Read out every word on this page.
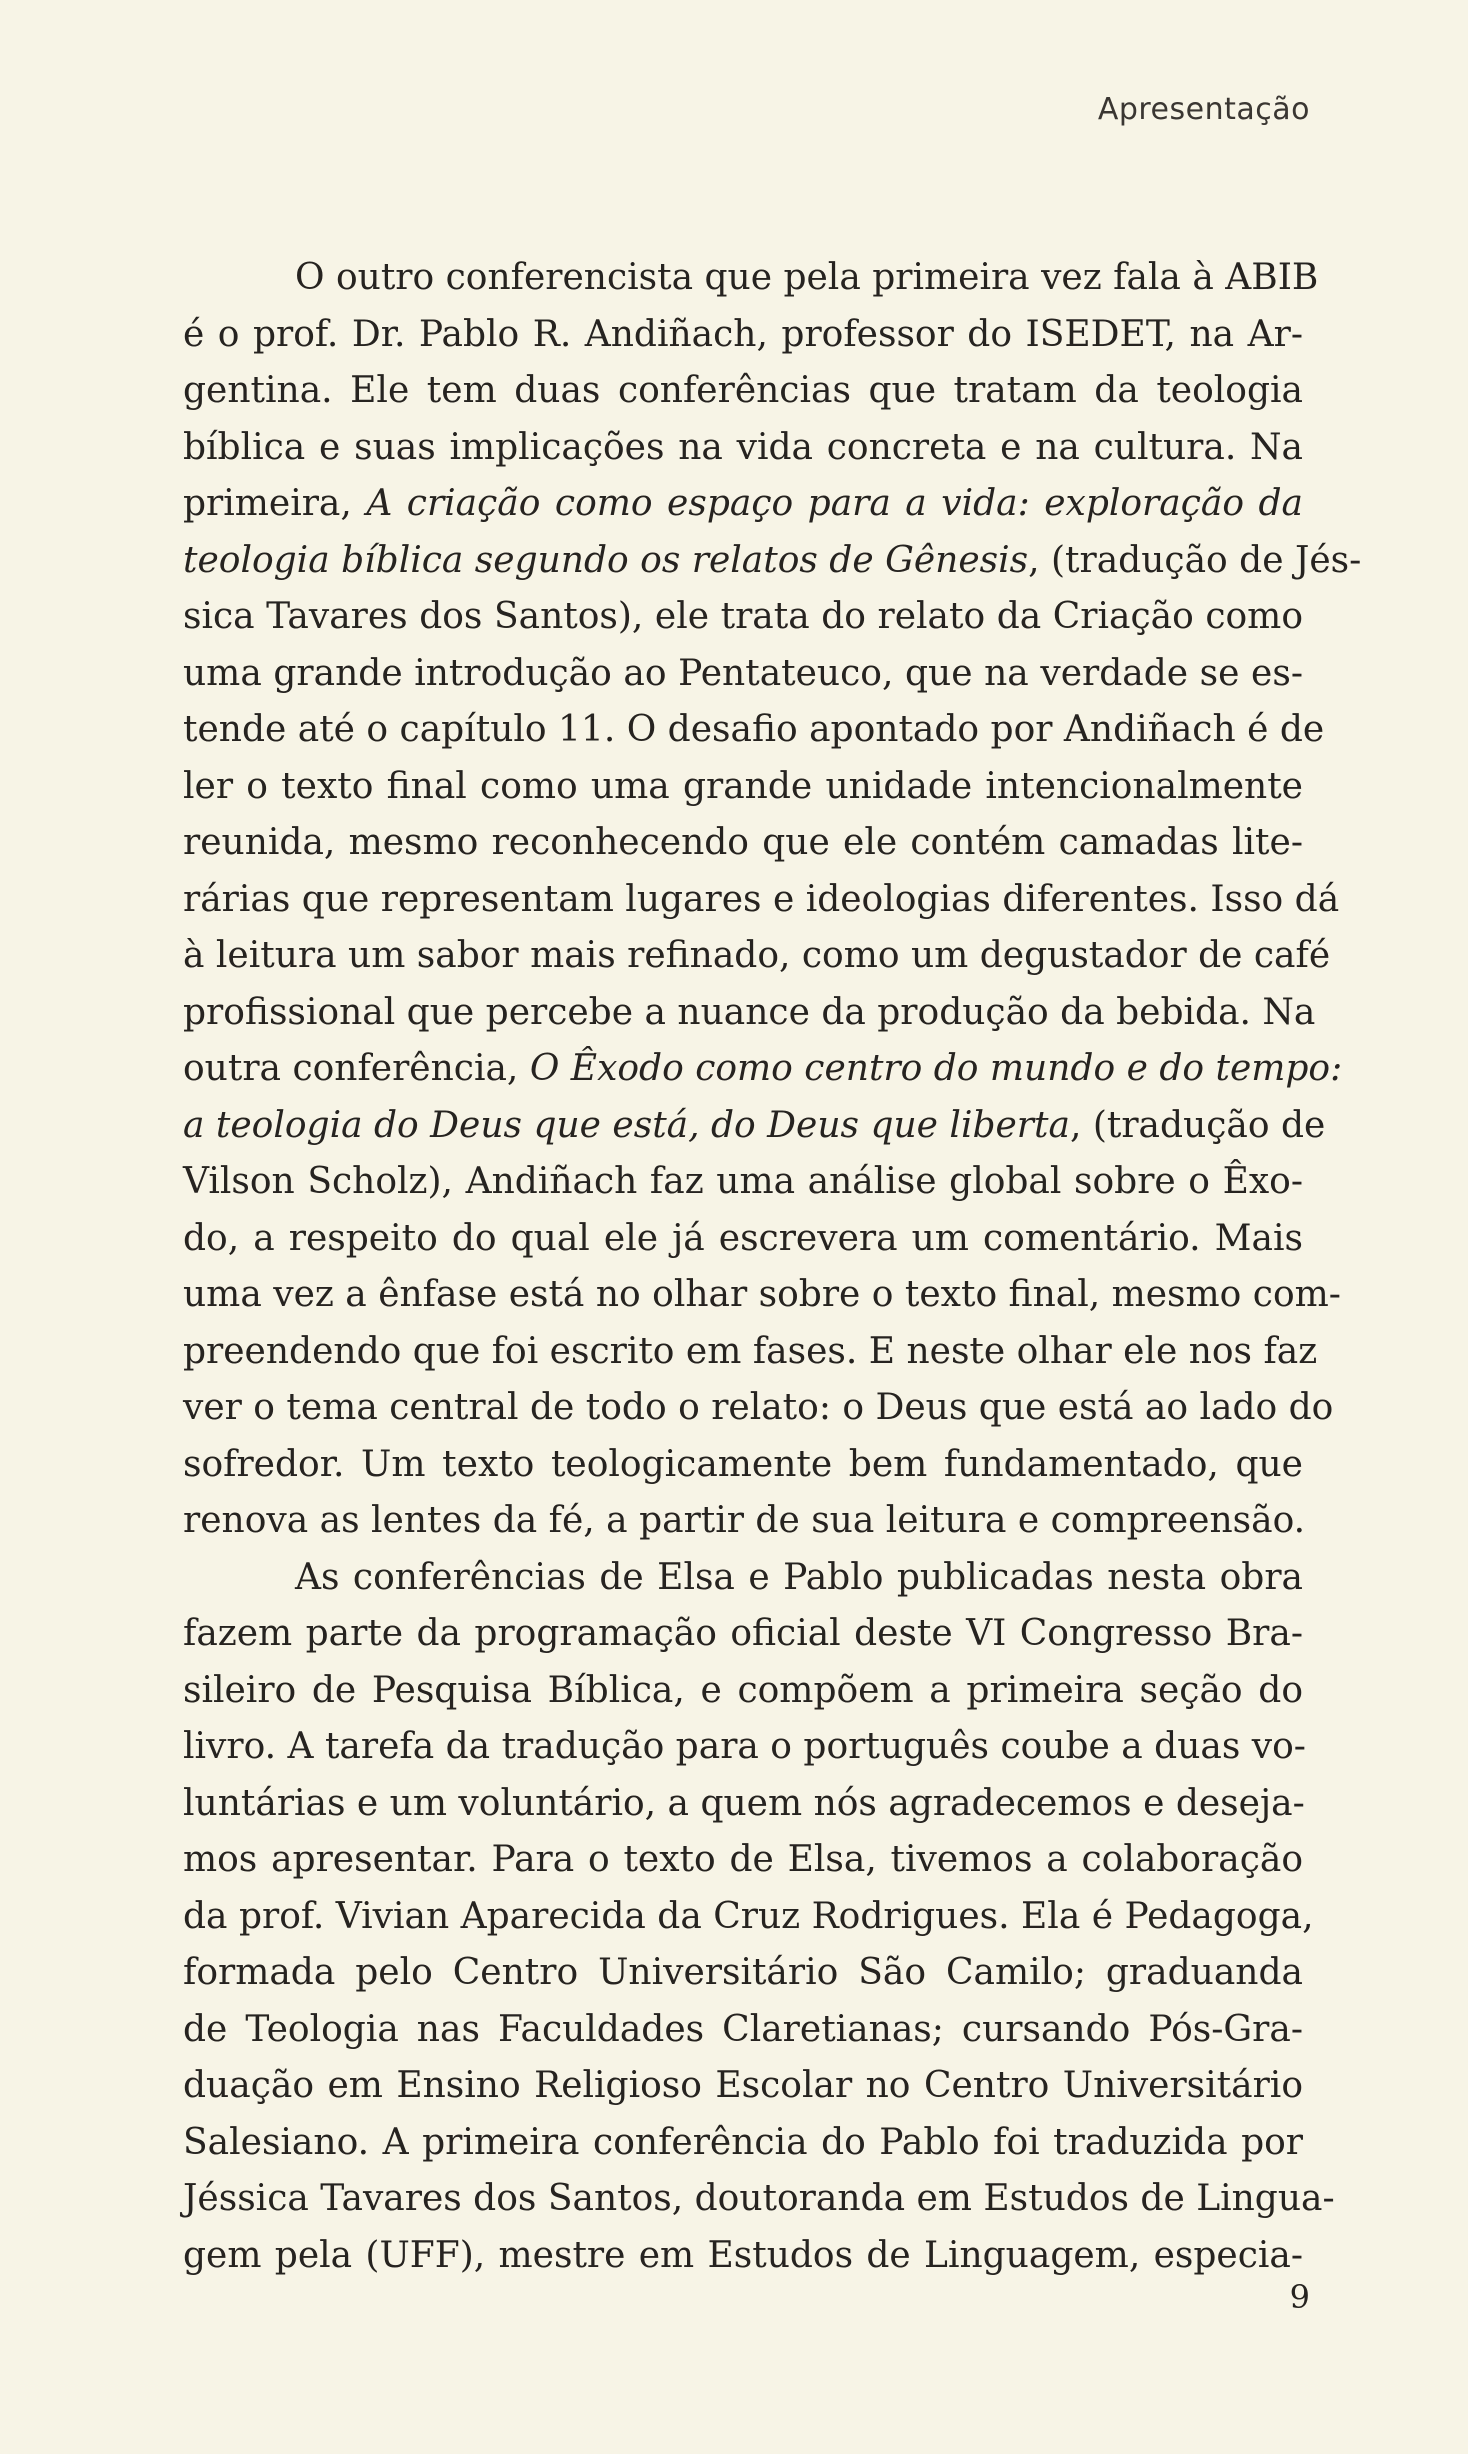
Apresentação
O outro conferencista que pela primeira vez fala à ABIB
é o prof. Dr. Pablo R. Andiñach, professor do ISEDET, na Ar-
gentina. Ele tem duas conferências que tratam da teologia
bíblica e suas implicações na vida concreta e na cultura. Na
primeira, A criação como espaço para a vida: exploração da
teologia bíblica segundo os relatos de Gênesis, (tradução de Jés-
sica Tavares dos Santos), ele trata do relato da Criação como
uma grande introdução ao Pentateuco, que na verdade se es-
tende até o capítulo 11. O desafio apontado por Andiñach é de
ler o texto final como uma grande unidade intencionalmente
reunida, mesmo reconhecendo que ele contém camadas lite-
rárias que representam lugares e ideologias diferentes. Isso dá
à leitura um sabor mais refinado, como um degustador de café
profissional que percebe a nuance da produção da bebida. Na
outra conferência, O Êxodo como centro do mundo e do tempo:
a teologia do Deus que está, do Deus que liberta, (tradução de
Vilson Scholz), Andiñach faz uma análise global sobre o Êxo-
do, a respeito do qual ele já escrevera um comentário. Mais
uma vez a ênfase está no olhar sobre o texto final, mesmo com-
preendendo que foi escrito em fases. E neste olhar ele nos faz
ver o tema central de todo o relato: o Deus que está ao lado do
sofredor. Um texto teologicamente bem fundamentado, que
renova as lentes da fé, a partir de sua leitura e compreensão.
As conferências de Elsa e Pablo publicadas nesta obra
fazem parte da programação oficial deste VI Congresso Bra-
sileiro de Pesquisa Bíblica, e compõem a primeira seção do
livro. A tarefa da tradução para o português coube a duas vo-
luntárias e um voluntário, a quem nós agradecemos e deseja-
mos apresentar. Para o texto de Elsa, tivemos a colaboração
da prof. Vivian Aparecida da Cruz Rodrigues. Ela é Pedagoga,
formada pelo Centro Universitário São Camilo; graduanda
de Teologia nas Faculdades Claretianas; cursando Pós-Gra-
duação em Ensino Religioso Escolar no Centro Universitário
Salesiano. A primeira conferência do Pablo foi traduzida por
Jéssica Tavares dos Santos, doutoranda em Estudos de Lingua-
gem pela (UFF), mestre em Estudos de Linguagem, especia-
9
